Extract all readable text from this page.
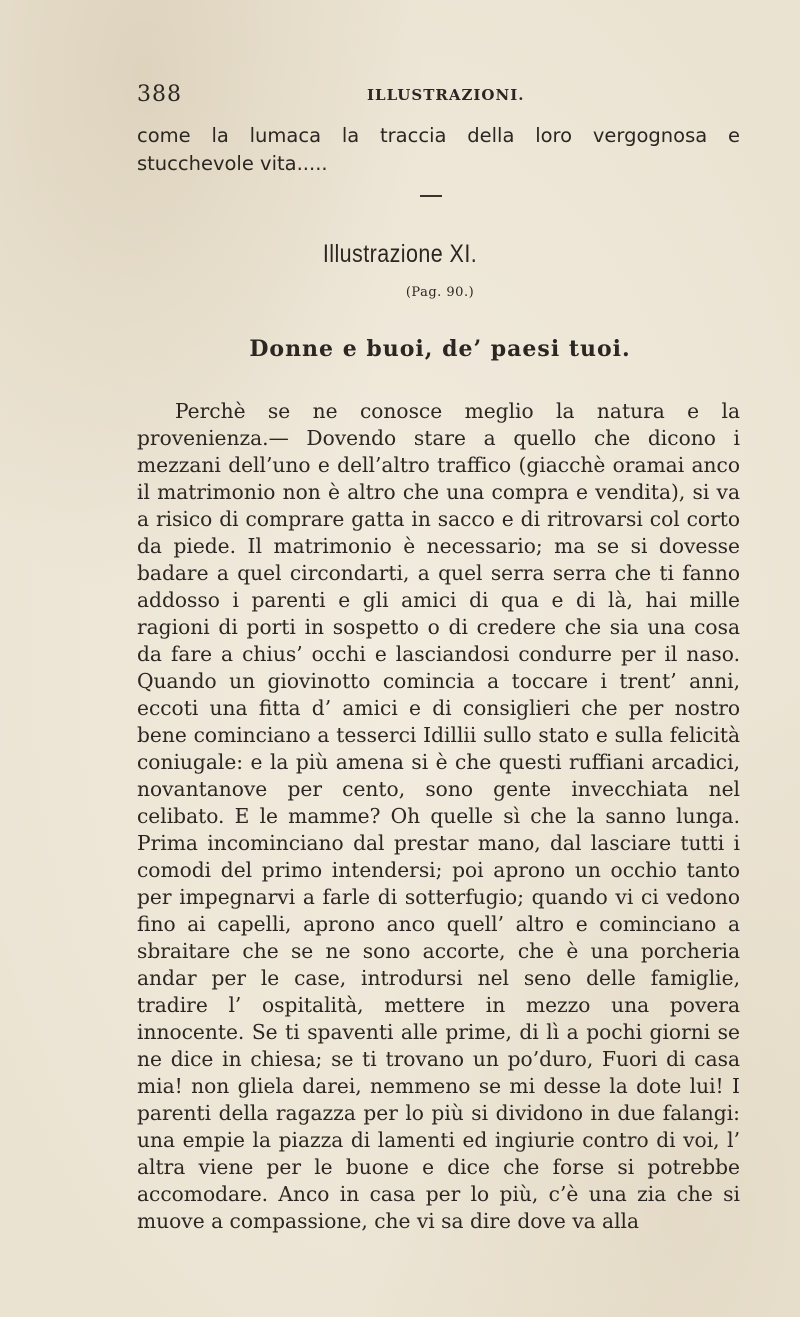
388	ILLUSTRAZIONI.
come la lumaca la traccia della loro vergognosa e stucchevole vita.....
Illustrazione XI.
(Pag. 90.)
Donne e buoi, de’ paesi tuoi.

Perchè se ne conosce meglio la natura e la provenienza.— Dovendo stare a quello che dicono i mezzani dell’uno e dell’altro traffico (giacchè oramai anco il matrimonio non è altro che una compra e vendita), si va a risico di comprare gatta in sacco e di ritrovarsi col corto da piede. Il matrimonio è necessario; ma se si dovesse badare a quel circondarti, a quel serra serra che ti fanno addosso i parenti e gli amici di qua e di là, hai mille ragioni di porti in sospetto o di credere che sia una cosa da fare a chius’ occhi e lasciandosi condurre per il naso. Quando un giovinotto comincia a toccare i trent’ anni, eccoti una fitta d’ amici e di consiglieri che per nostro bene cominciano a tesserci Idillii sullo stato e sulla felicità coniugale: e la più amena si è che questi ruffiani arcadici, novantanove per cento, sono gente invecchiata nel celibato. E le mamme? Oh quelle sì che la sanno lunga. Prima incominciano dal prestar mano, dal lasciare tutti i comodi del primo intendersi; poi aprono un occhio tanto per impegnarvi a farle di sotterfugio; quando vi ci vedono fino ai capelli, aprono anco quell’ altro e cominciano a sbraitare che se ne sono accorte, che è una porcheria andar per le case, introdursi nel seno delle famiglie, tradire l’ ospitalità, mettere in mezzo una povera innocente. Se ti spaventi alle prime, di lì a pochi giorni se ne dice in chiesa; se ti trovano un po’duro, Fuori di casa mia! non gliela darei, nemmeno se mi desse la dote lui! I parenti della ragazza per lo più si dividono in due falangi: una empie la piazza di lamenti ed ingiurie contro di voi, l’ altra viene per le buone e dice che forse si potrebbe accomodare. Anco in casa per lo più, c’è una zia che si muove a compassione, che vi sa dire dove va alla
